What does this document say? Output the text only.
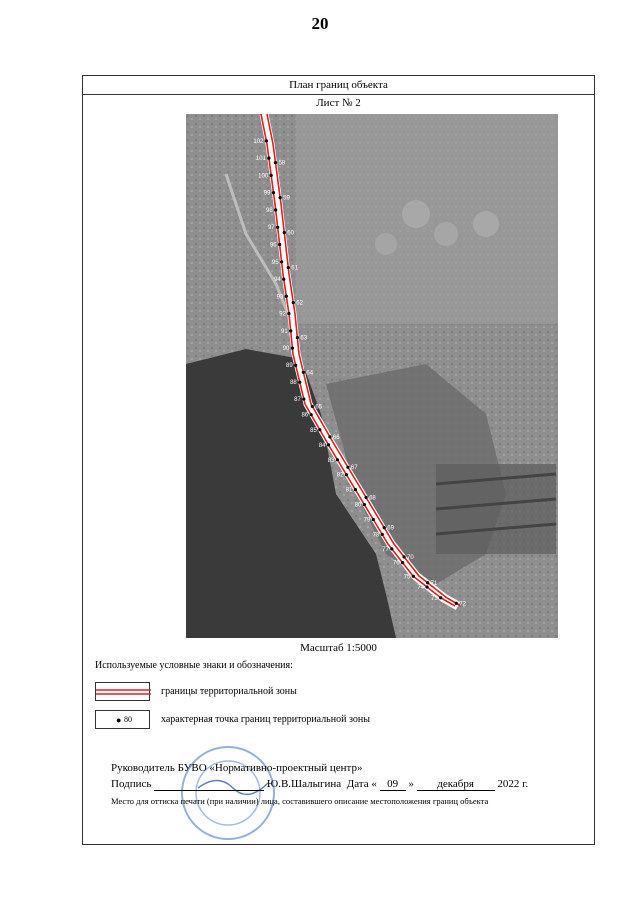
20
План границ объекта
Лист № 2
102
101
100
99
98
97
96
95
94
93
92
91
90
89
88
87
86
85
84
83
82
81
80
79
78
77
76
75
74
73
58
59
60
61
62
63
64
65
66
67
68
69
70
71
72
Масштаб 1:5000
Используемые условные знаки и обозначения:
границы территориальной зоны
● 80	характерная точка границ территориальной зоны
Руководитель БУВО «Нормативно-проектный центр»
Подпись	Ю.В.Шалыгина Дата « 09 » декабря 2022 г.
Место для оттиска печати (при наличии) лица, составившего описание местоположения границ объекта
